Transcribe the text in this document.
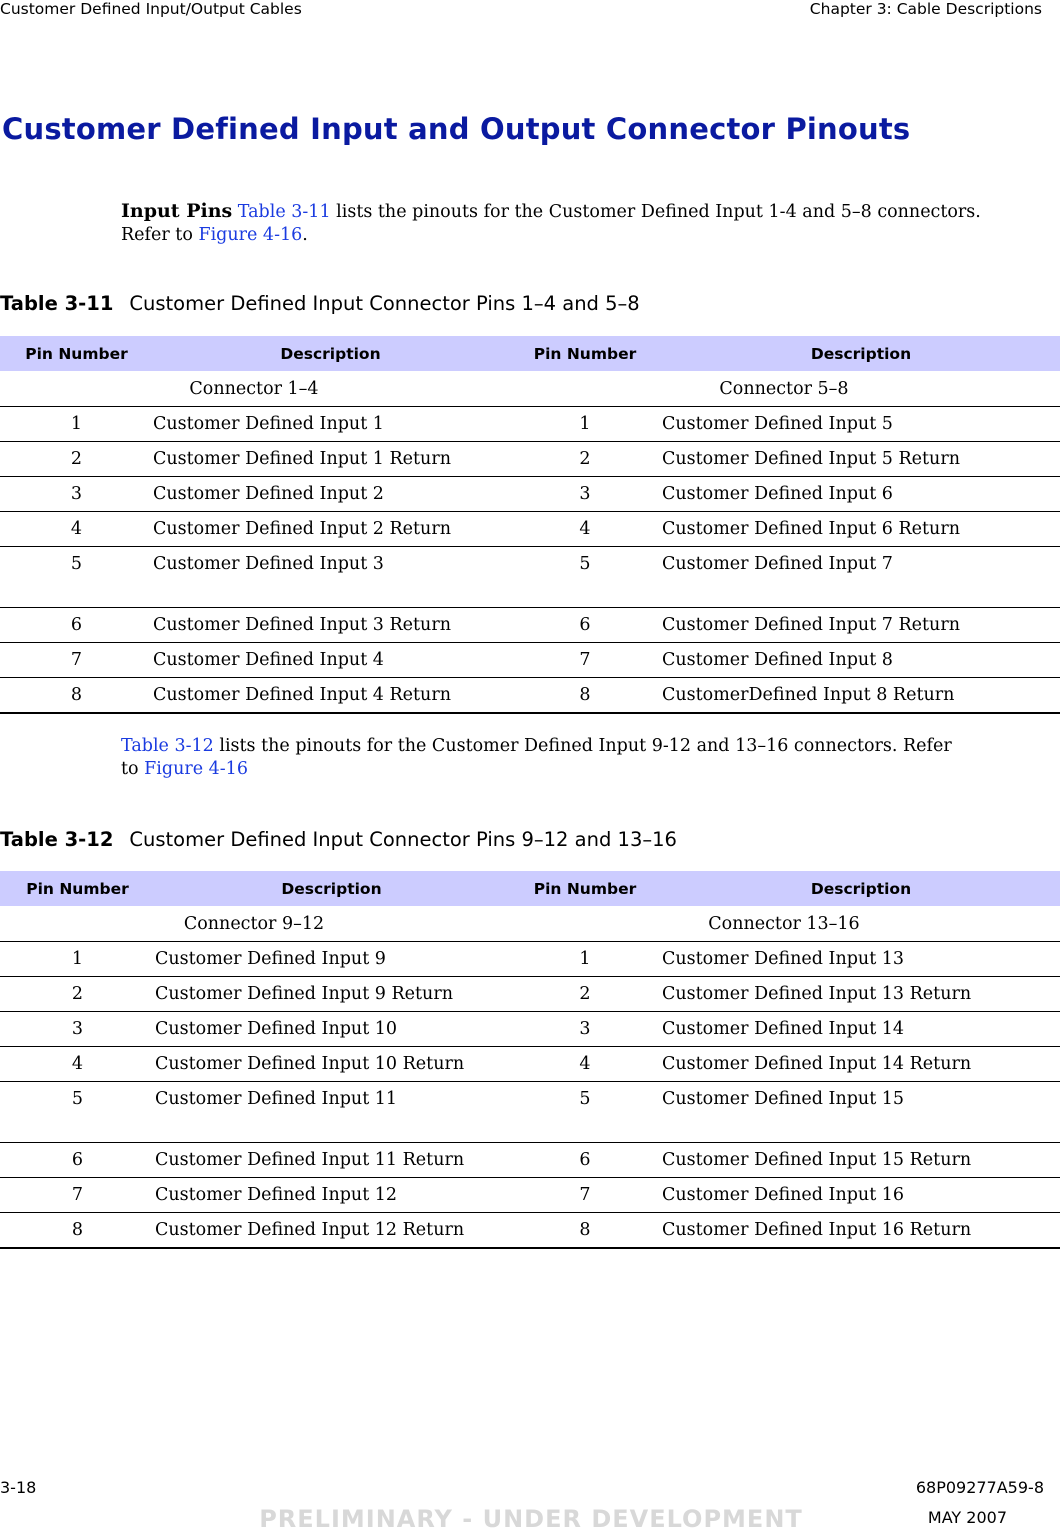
Customer Defined Input/Output Cables	Chapter 3: Cable Descriptions
Customer Defined Input and Output Connector Pinouts
Input Pins Table 3-11 lists the pinouts for the Customer Defined Input 1-4 and 5–8 connectors.
Refer to Figure 4-16.
Table 3-11 Customer Defined Input Connector Pins 1–4 and 5–8
Pin Number	Description	Pin Number	Description
Connector 1–4		Connector 5–8	
1	Customer Defined Input 1	1	Customer Defined Input 5
2	Customer Defined Input 1 Return	2	Customer Defined Input 5 Return
3	Customer Defined Input 2	3	Customer Defined Input 6
4	Customer Defined Input 2 Return	4	Customer Defined Input 6 Return
5	Customer Defined Input 3	5	Customer Defined Input 7
6	Customer Defined Input 3 Return	6	Customer Defined Input 7 Return
7	Customer Defined Input 4	7	Customer Defined Input 8
8	Customer Defined Input 4 Return	8	CustomerDefined Input 8 Return
Table 3-12 lists the pinouts for the Customer Defined Input 9-12 and 13–16 connectors. Refer
to Figure 4-16
Table 3-12 Customer Defined Input Connector Pins 9–12 and 13–16
Pin Number	Description	Pin Number	Description
Connector 9–12		Connector 13–16	
1	Customer Defined Input 9	1	Customer Defined Input 13
2	Customer Defined Input 9 Return	2	Customer Defined Input 13 Return
3	Customer Defined Input 10	3	Customer Defined Input 14
4	Customer Defined Input 10 Return	4	Customer Defined Input 14 Return
5	Customer Defined Input 11	5	Customer Defined Input 15
6	Customer Defined Input 11 Return	6	Customer Defined Input 15 Return
7	Customer Defined Input 12	7	Customer Defined Input 16
8	Customer Defined Input 12 Return	8	Customer Defined Input 16 Return
3-18	68P09277A59-8
PRELIMINARY - UNDER DEVELOPMENT	MAY 2007
